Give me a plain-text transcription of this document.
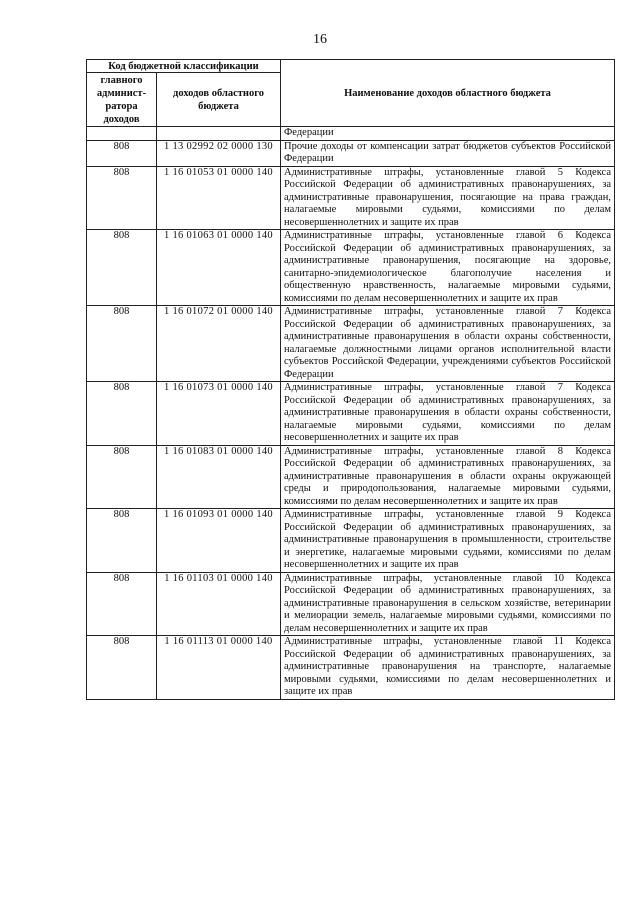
16
Код бюджетной классификации		Наименование доходов областного бюджета
главного админист-ратора доходов	доходов областного бюджета	
		Федерации
808	1 13 02992 02 0000 130	Прочие доходы от компенсации затрат бюджетов субъектов Российской Федерации
808	1 16 01053 01 0000 140	Административные штрафы, установленные главой 5 Кодекса Российской Федерации об административных правонарушениях, за административные правонарушения, посягающие на права граждан, налагаемые мировыми судьями, комиссиями по делам несовершеннолетних и защите их прав
808	1 16 01063 01 0000 140	Административные штрафы, установленные главой 6 Кодекса Российской Федерации об административных правонарушениях, за административные правонарушения, посягающие на здоровье, санитарно-эпидемиологическое благополучие населения и общественную нравственность, налагаемые мировыми судьями, комиссиями по делам несовершеннолетних и защите их прав
808	1 16 01072 01 0000 140	Административные штрафы, установленные главой 7 Кодекса Российской Федерации об административных правонарушениях, за административные правонарушения в области охраны собственности, налагаемые должностными лицами органов исполнительной власти субъектов Российской Федерации, учреждениями субъектов Российской Федерации
808	1 16 01073 01 0000 140	Административные штрафы, установленные главой 7 Кодекса Российской Федерации об административных правонарушениях, за административные правонарушения в области охраны собственности, налагаемые мировыми судьями, комиссиями по делам несовершеннолетних и защите их прав
808	1 16 01083 01 0000 140	Административные штрафы, установленные главой 8 Кодекса Российской Федерации об административных правонарушениях, за административные правонарушения в области охраны окружающей среды и природопользования, налагаемые мировыми судьями, комиссиями по делам несовершеннолетних и защите их прав
808	1 16 01093 01 0000 140	Административные штрафы, установленные главой 9 Кодекса Российской Федерации об административных правонарушениях, за административные правонарушения в промышленности, строительстве и энергетике, налагаемые мировыми судьями, комиссиями по делам несовершеннолетних и защите их прав
808	1 16 01103 01 0000 140	Административные штрафы, установленные главой 10 Кодекса Российской Федерации об административных правонарушениях, за административные правонарушения в сельском хозяйстве, ветеринарии и мелиорации земель, налагаемые мировыми судьями, комиссиями по делам несовершеннолетних и защите их прав
808	1 16 01113 01 0000 140	Административные штрафы, установленные главой 11 Кодекса Российской Федерации об административных правонарушениях, за административные правонарушения на транспорте, налагаемые мировыми судьями, комиссиями по делам несовершеннолетних и защите их прав
